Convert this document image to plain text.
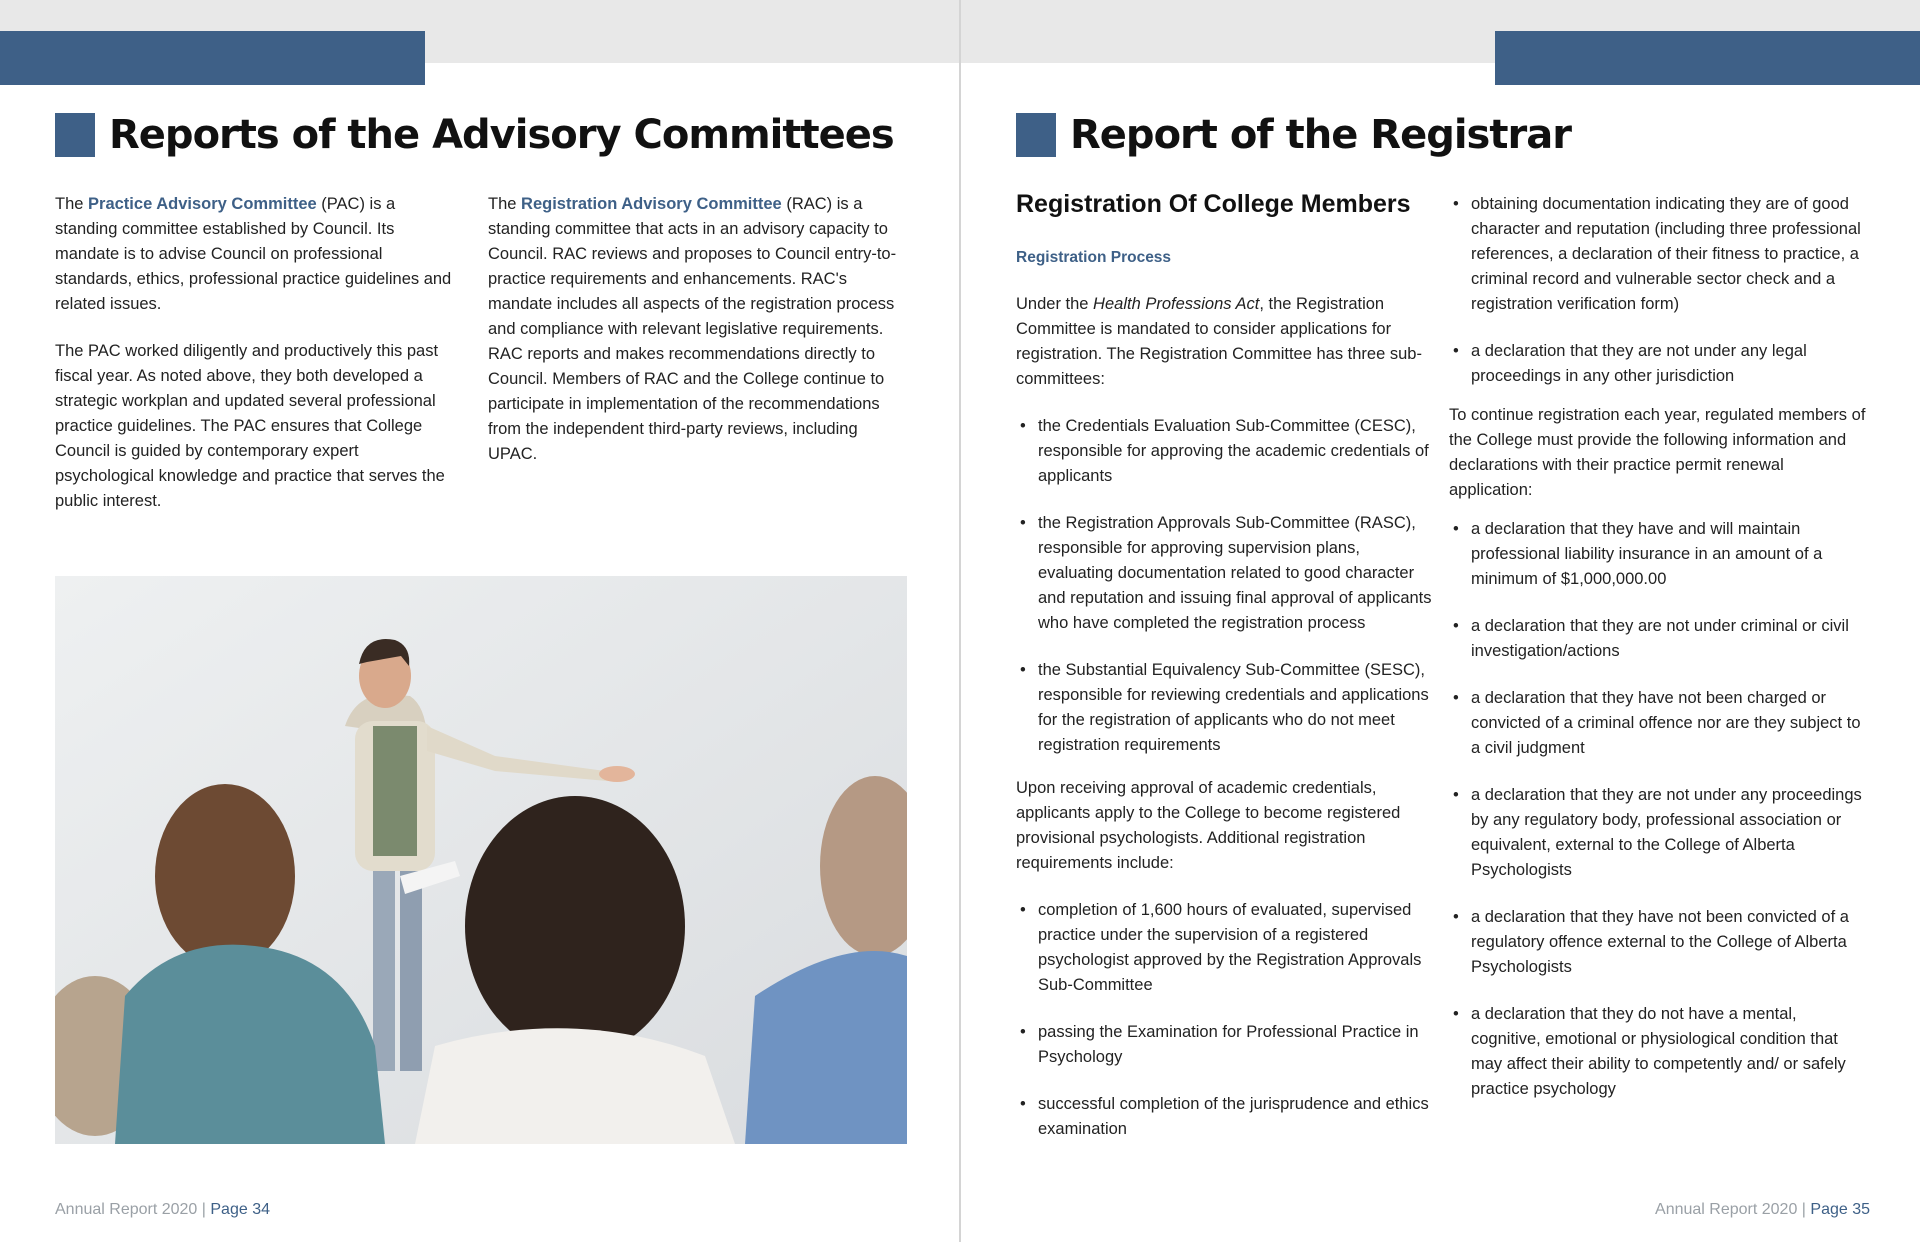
Reports of the Advisory Committees

The Practice Advisory Committee (PAC) is a standing committee established by Council. Its mandate is to advise Council on professional standards, ethics, professional practice guidelines and related issues.

The PAC worked diligently and productively this past fiscal year. As noted above, they both developed a strategic workplan and updated several professional practice guidelines. The PAC ensures that College Council is guided by contemporary expert psychological knowledge and practice that serves the public interest.

The Registration Advisory Committee (RAC) is a standing committee that acts in an advisory capacity to Council. RAC reviews and proposes to Council entry-to-practice requirements and enhancements. RAC's mandate includes all aspects of the registration process and compliance with relevant legislative requirements. RAC reports and makes recommendations directly to Council. Members of RAC and the College continue to participate in implementation of the recommendations from the independent third-party reviews, including UPAC.

Annual Report 2020 | Page 34
Report of the Registrar
Registration Of College Members
Registration Process

Under the Health Professions Act, the Registration Committee is mandated to consider applications for registration. The Registration Committee has three sub-committees:

• the Credentials Evaluation Sub-Committee (CESC), responsible for approving the academic credentials of applicants
• the Registration Approvals Sub-Committee (RASC), responsible for approving supervision plans, evaluating documentation related to good character and reputation and issuing final approval of applicants who have completed the registration process
• the Substantial Equivalency Sub-Committee (SESC), responsible for reviewing credentials and applications for the registration of applicants who do not meet registration requirements

Upon receiving approval of academic credentials, applicants apply to the College to become registered provisional psychologists. Additional registration requirements include:

• completion of 1,600 hours of evaluated, supervised practice under the supervision of a registered psychologist approved by the Registration Approvals Sub-Committee
• passing the Examination for Professional Practice in Psychology
• successful completion of the jurisprudence and ethics examination
• obtaining documentation indicating they are of good character and reputation (including three professional references, a declaration of their fitness to practice, a criminal record and vulnerable sector check and a registration verification form)
• a declaration that they are not under any legal proceedings in any other jurisdiction

To continue registration each year, regulated members of the College must provide the following information and declarations with their practice permit renewal application:

• a declaration that they have and will maintain professional liability insurance in an amount of a minimum of $1,000,000.00
• a declaration that they are not under criminal or civil investigation/actions
• a declaration that they have not been charged or convicted of a criminal offence nor are they subject to a civil judgment
• a declaration that they are not under any proceedings by any regulatory body, professional association or equivalent, external to the College of Alberta Psychologists
• a declaration that they have not been convicted of a regulatory offence external to the College of Alberta Psychologists
• a declaration that they do not have a mental, cognitive, emotional or physiological condition that may affect their ability to competently and/ or safely practice psychology
Annual Report 2020 | Page 35
